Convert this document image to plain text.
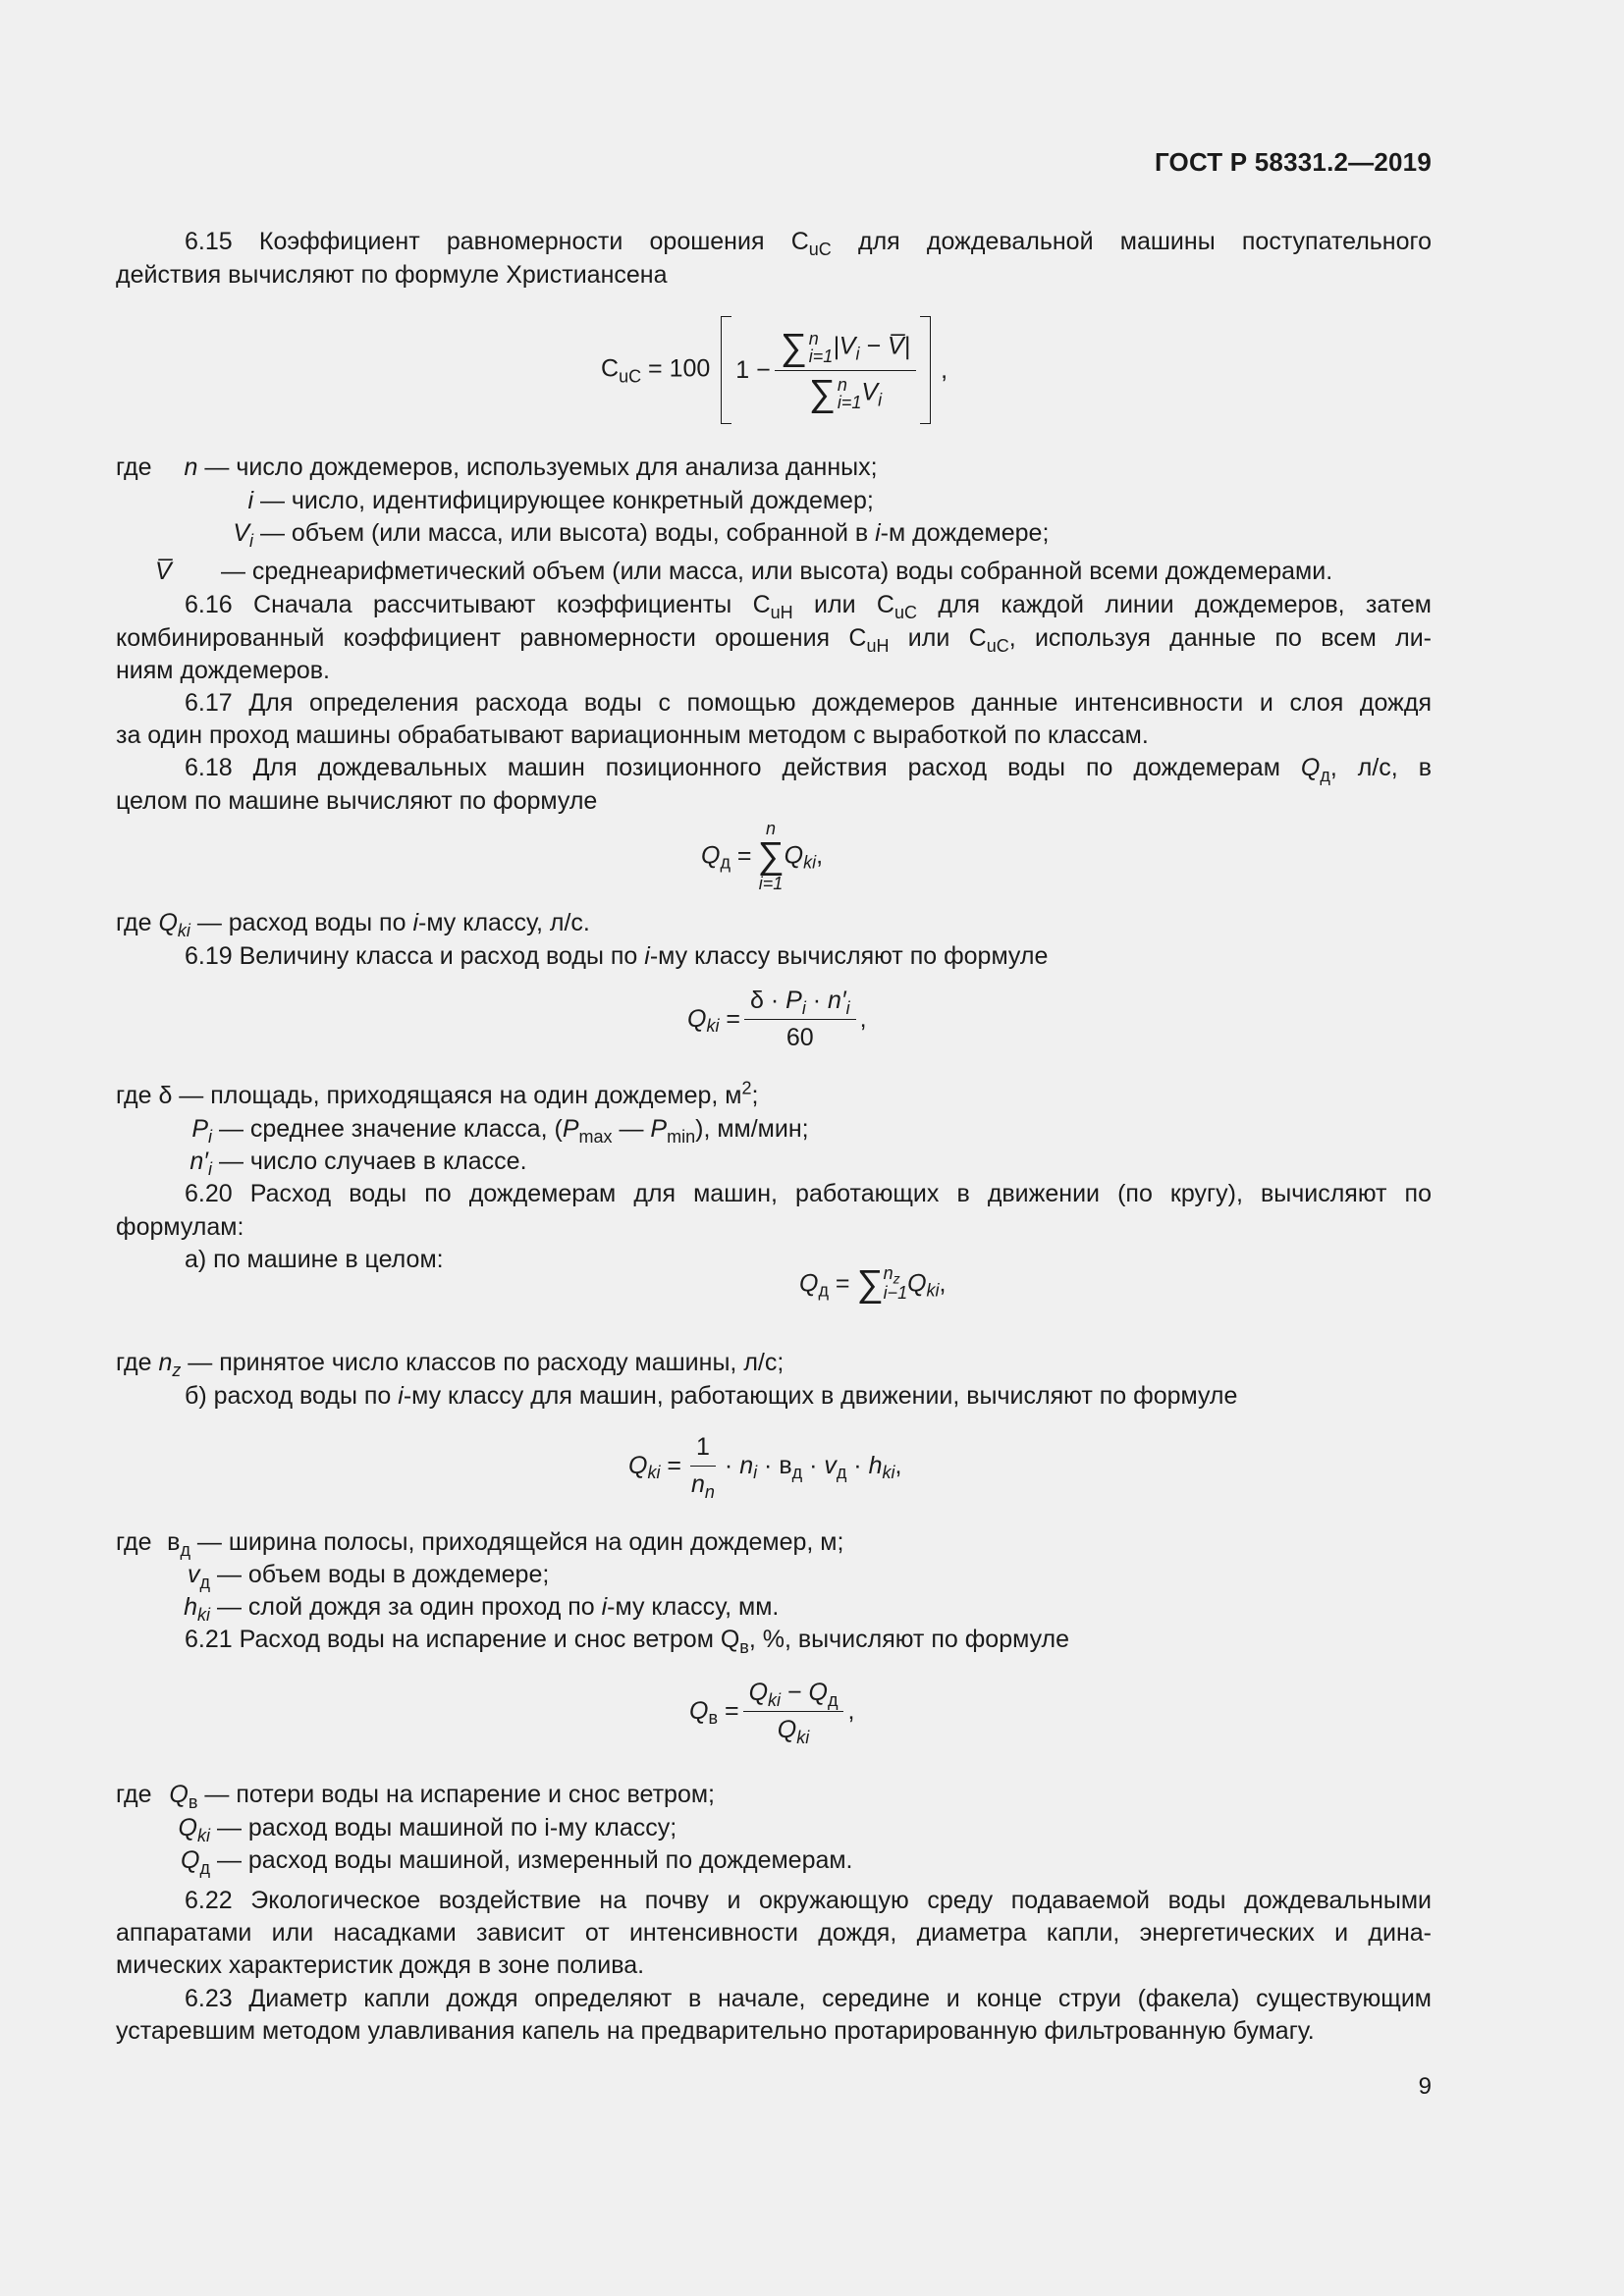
ГОСТ Р 58331.2—2019
6.15 Коэффициент равномерности орошения $С_{uC}$ для дождевальной машины поступательного
действия вычисляют по формуле Христиансена
$С_{uC} = 100$ 1 −
∑ n
i=1 $|V_i$ − V̅|
∑ n
i=1 $V_i$
,
где n — число дождемеров, используемых для анализа данных;
i — число, идентифицирующее конкретный дождемер;
$V_i$ — объем (или масса, или высота) воды, собранной в i-м дождемере;
V̅ — среднеарифметический объем (или масса, или высота) воды собранной всеми дождемерами.
6.16 Сначала рассчитывают коэффициенты $С_{uH}$ или $С_{uC}$ для каждой линии дождемеров, затем
комбинированный коэффициент равномерности орошения $С_{uH}$ или $С_{uC}$, используя данные по всем ли-
ниям дождемеров.
6.17 Для определения расхода воды с помощью дождемеров данные интенсивности и слоя дождя
за один проход машины обрабатывают вариационным методом с выработкой по классам.
6.18 Для дождевальных машин позиционного действия расход воды по дождемерам $Q_д$, л/с, в
целом по машине вычисляют по формуле
$Q_д$ =
n
∑
i=1
$Q_{ki}$,
где $Q_{ki}$ — расход воды по i-му классу, л/с.
6.19 Величину класса и расход воды по i-му классу вычисляют по формуле
$Q_{ki} = \frac{\delta \cdot P_i \cdot n'_i}{60}$ ,
где δ — площадь, приходящаяся на один дождемер, $м^2$;
$P_i$ — среднее значение класса, ($P_{max}$ — $P_{min}$), мм/мин;
$n'_i$ — число случаев в классе.
6.20 Расход воды по дождемерам для машин, работающих в движении (по кругу), вычисляют по
формулам:
а) по машине в целом:
$Q_д$ = ∑ $n_z$
i−1 $Q_{ki}$,
где $n_z$ — принятое число классов по расходу машины, л/с;
б) расход воды по i-му классу для машин, работающих в движении, вычисляют по формуле
$Q_{ki} = \frac{1}{n_n} \cdot n_i \cdot в_д \cdot v_д \cdot h_{ki}$,
где $в_д$ — ширина полосы, приходящейся на один дождемер, м;
$v_д$ — объем воды в дождемере;
$h_{ki}$ — слой дождя за один проход по i-му классу, мм.
6.21 Расход воды на испарение и снос ветром $Q_в$, %, вычисляют по формуле
$Q_в = \frac{Q_{ki} - Q_д}{Q_{ki}}$ ,
где $Q_в$ — потери воды на испарение и снос ветром;
$Q_{ki}$ — расход воды машиной по i-му классу;
$Q_д$ — расход воды машиной, измеренный по дождемерам.
6.22 Экологическое воздействие на почву и окружающую среду подаваемой воды дождевальными
аппаратами или насадками зависит от интенсивности дождя, диаметра капли, энергетических и дина-
мических характеристик дождя в зоне полива.
6.23 Диаметр капли дождя определяют в начале, середине и конце струи (факела) существующим
устаревшим методом улавливания капель на предварительно протарированную фильтрованную бумагу.
9
